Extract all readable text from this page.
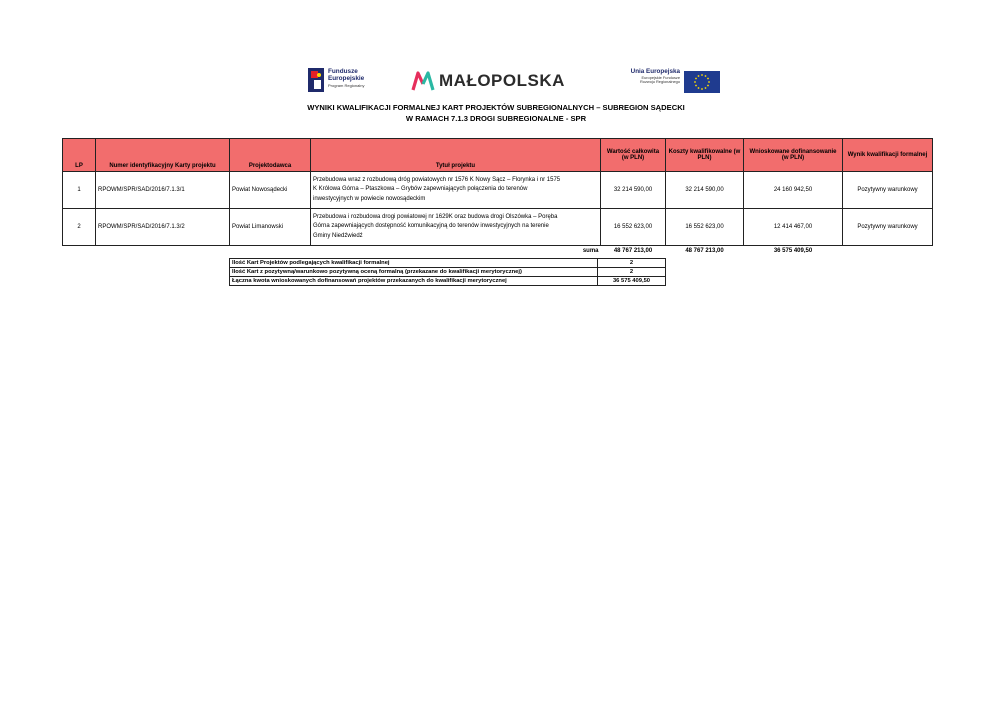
Fundusze
Europejskie
Program Regionalny	MAŁOPOLSKA	Unia Europejska
Europejskie Fundusze
Rozwoju Regionalnego
WYNIKI KWALIFIKACJI FORMALNEJ KART PROJEKTÓW SUBREGIONALNYCH – SUBREGION SĄDECKI
W RAMACH 7.1.3 DROGI SUBREGIONALNE - SPR
LP	Numer identyfikacyjny Karty projektu	Projektodawca	Tytuł projektu	Wartość całkowita (w PLN)	Koszty kwalifikowalne (w PLN)	Wnioskowane dofinansowanie (w PLN)	Wynik kwalifikacji formalnej
1	RPOWM/SPR/SAD/2016/7.1.3/1	Powiat Nowosądecki	Przebudowa wraz z rozbudową dróg powiatowych nr 1576 K Nowy Sącz – Florynka i nr 1575
K Królowa Górna – Ptaszkowa – Grybów zapewniających połączenia do terenów
inwestycyjnych w powiecie nowosądeckim	32 214 590,00	32 214 590,00	24 160 942,50	Pozytywny warunkowy
2	RPOWM/SPR/SAD/2016/7.1.3/2	Powiat Limanowski	Przebudowa i rozbudowa drogi powiatowej nr 1629K oraz budowa drogi Olszówka – Poręba
Górna zapewniających dostępność komunikacyjną do terenów inwestycyjnych na terenie
Gminy Niedźwiedź	16 552 623,00	16 552 623,00	12 414 467,00	Pozytywny warunkowy
			suma	48 767 213,00	48 767 213,00	36 575 409,50	
Ilość Kart Projektów podlegających kwalifikacji formalnej	2
Ilość Kart z pozytywną/warunkowo pozytywną oceną formalną (przekazane do kwalifikacji merytorycznej)	2
Łączna kwota wnioskowanych dofinansowań projektów przekazanych do kwalifikacji merytorycznej	36 575 409,50
